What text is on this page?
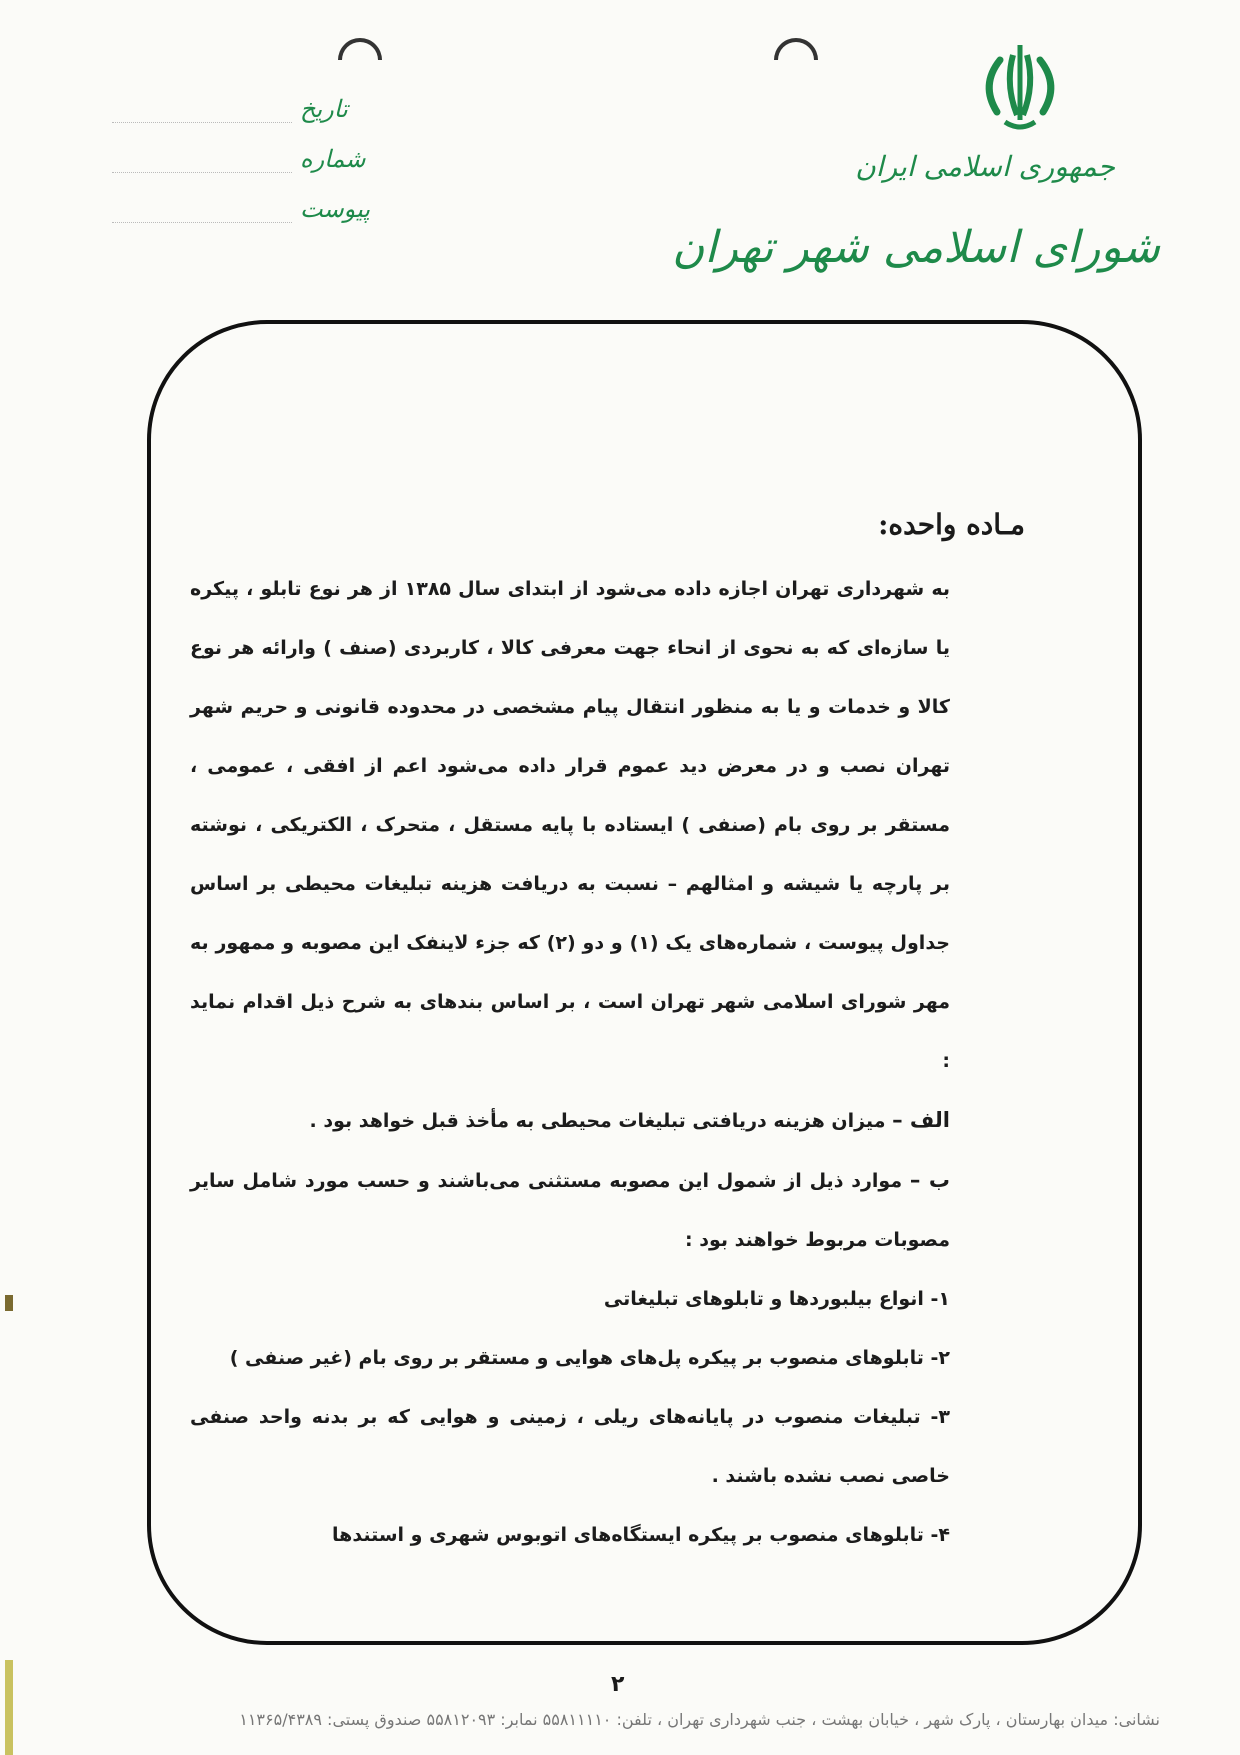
جمهوری اسلامی ایران
شورای اسلامی شهر تهران
تاریخ
شماره
پیوست
مـاده واحده:

به شهرداری تهران اجازه داده می‌شود از ابتدای سال ۱۳۸۵ از هر نوع تابلو ، پیکره یا سازه‌ای که به نحوی از انحاء جهت معرفی کالا ، کاربردی (صنف ) وارائه هر نوع کالا و خدمات و یا به منظور انتقال پیام مشخصی در محدوده قانونی و حریم شهر تهران نصب و در معرض دید عموم قرار داده می‌شود اعم از افقی ، عمومی ، مستقر بر روی بام (صنفی ) ایستاده با پایه مستقل ، متحرک ، الکتریکی ، نوشته بر پارچه یا شیشه و امثالهم – نسبت به دریافت هزینه تبلیغات محیطی بر اساس جداول پیوست ، شماره‌های یک (۱) و دو (۲) که جزء لاینفک این مصوبه و ممهور به مهر شورای اسلامی شهر تهران است ، بر اساس بندهای به شرح ذیل اقدام نماید :

الف – میزان هزینه دریافتی تبلیغات محیطی به مأخذ قبل خواهد بود .

ب – موارد ذیل از شمول این مصوبه مستثنی می‌باشند و حسب مورد شامل سایر مصوبات مربوط خواهند بود :

۱- انواع بیلبوردها و تابلوهای تبلیغاتی

۲- تابلوهای منصوب بر پیکره پل‌های هوایی و مستقر بر روی بام (غیر صنفی )

۳- تبلیغات منصوب در پایانه‌های ریلی ، زمینی و هوایی که بر بدنه واحد صنفی خاصی نصب نشده باشند .

۴- تابلوهای منصوب بر پیکره ایستگاه‌های اتوبوس شهری و استندها

۲
نشانی: میدان بهارستان ، پارک شهر ، خیابان بهشت ، جنب شهرداری تهران ، تلفن: ۵۵۸۱۱۱۱۰ نمابر: ۵۵۸۱۲۰۹۳ صندوق پستی: ۱۱۳۶۵/۴۳۸۹
